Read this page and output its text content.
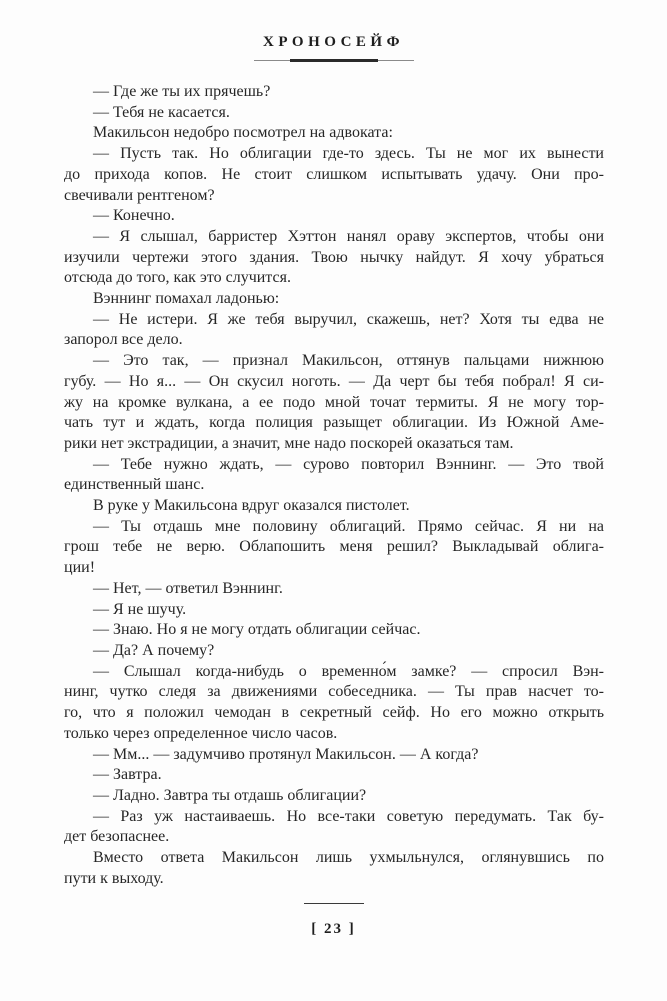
ХРОНОСЕЙФ
— Где же ты их прячешь?
— Тебя не касается.
Макильсон недобро посмотрел на адвоката:
— Пусть так. Но облигации где-то здесь. Ты не мог их вынести
до прихода копов. Не стоит слишком испытывать удачу. Они про-
свечивали рентгеном?
— Конечно.
— Я слышал, барристер Хэттон нанял ораву экспертов, чтобы они
изучили чертежи этого здания. Твою нычку найдут. Я хочу убраться
отсюда до того, как это случится.
Вэннинг помахал ладонью:
— Не истери. Я же тебя выручил, скажешь, нет? Хотя ты едва не
запорол все дело.
— Это так, — признал Макильсон, оттянув пальцами нижнюю
губу. — Но я... — Он скусил ноготь. — Да черт бы тебя побрал! Я си-
жу на кромке вулкана, а ее подо мной точат термиты. Я не могу тор-
чать тут и ждать, когда полиция разыщет облигации. Из Южной Аме-
рики нет экстрадиции, а значит, мне надо поскорей оказаться там.
— Тебе нужно ждать, — сурово повторил Вэннинг. — Это твой
единственный шанс.
В руке у Макильсона вдруг оказался пистолет.
— Ты отдашь мне половину облигаций. Прямо сейчас. Я ни на
грош тебе не верю. Облапошить меня решил? Выкладывай облига-
ции!
— Нет, — ответил Вэннинг.
— Я не шучу.
— Знаю. Но я не могу отдать облигации сейчас.
— Да? А почему?
— Слышал когда-нибудь о временно́м замке? — спросил Вэн-
нинг, чутко следя за движениями собеседника. — Ты прав насчет то-
го, что я положил чемодан в секретный сейф. Но его можно открыть
только через определенное число часов.
— Мм... — задумчиво протянул Макильсон. — А когда?
— Завтра.
— Ладно. Завтра ты отдашь облигации?
— Раз уж настаиваешь. Но все-таки советую передумать. Так бу-
дет безопаснее.
Вместо ответа Макильсон лишь ухмыльнулся, оглянувшись по
пути к выходу.
[ 23 ]
